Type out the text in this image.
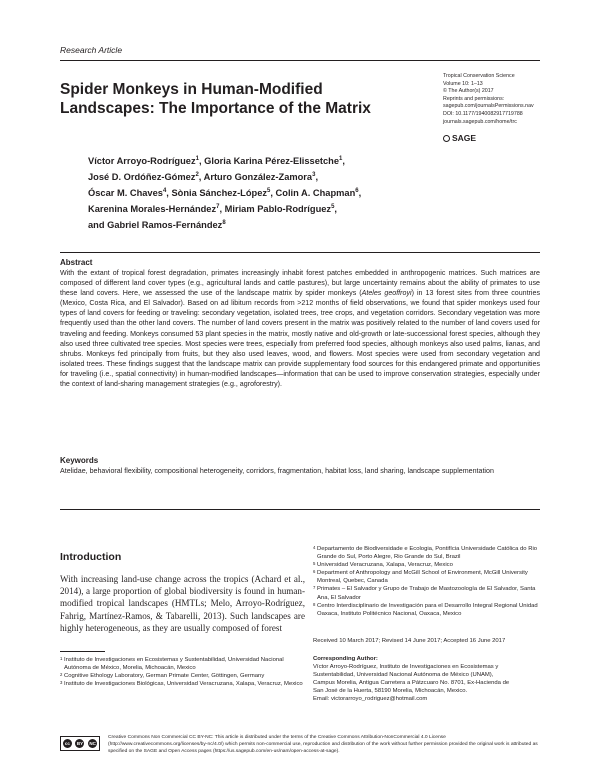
Research Article
Spider Monkeys in Human-Modified
Landscapes: The Importance of the Matrix
Tropical Conservation Science
Volume 10: 1–13
© The Author(s) 2017
Reprints and permissions:
sagepub.com/journalsPermissions.nav
DOI: 10.1177/1940082917719788
journals.sagepub.com/home/trc
SAGE
Víctor Arroyo-Rodríguez$^1$, Gloria Karina Pérez-Elissetche$^1$,
José D. Ordóñez-Gómez$^2$, Arturo González-Zamora$^3$,
Óscar M. Chaves$^4$, Sònia Sánchez-López$^5$, Colin A. Chapman$^6$,
Karenina Morales-Hernández$^7$, Miriam Pablo-Rodríguez$^5$,
and Gabriel Ramos-Fernández$^8$
Abstract
With the extant of tropical forest degradation, primates increasingly inhabit forest patches embedded in anthropogenic matrices. Such matrices are composed of different land cover types (e.g., agricultural lands and cattle pastures), but large uncertainty remains about the ability of primates to use these land covers. Here, we assessed the use of the landscape matrix by spider monkeys (Ateles geoffroyi) in 13 forest sites from three countries (Mexico, Costa Rica, and El Salvador). Based on ad libitum records from >212 months of field observations, we found that spider monkeys used four types of land covers for feeding or traveling: secondary vegetation, isolated trees, tree crops, and vegetation corridors. Secondary vegetation was more frequently used than the other land covers. The number of land covers present in the matrix was positively related to the number of land covers used for traveling and feeding. Monkeys consumed 53 plant species in the matrix, mostly native and old-growth or late-successional forest species, although they also used three cultivated tree species. Most species were trees, especially from preferred food species, although monkeys also used palms, lianas, and shrubs. Monkeys fed principally from fruits, but they also used leaves, wood, and flowers. Most species were used from secondary vegetation and isolated trees. These findings suggest that the landscape matrix can provide supplementary food sources for this endangered primate and opportunities for traveling (i.e., spatial connectivity) in human-modified landscapes—information that can be used to improve conservation strategies, especially under the context of land-sharing management strategies (e.g., agroforestry).
Keywords
Atelidae, behavioral flexibility, compositional heterogeneity, corridors, fragmentation, habitat loss, land sharing, landscape supplementation
Introduction
With increasing land-use change across the tropics (Achard et al., 2014), a large proportion of global biodiversity is found in human-modified tropical landscapes (HMTLs; Melo, Arroyo-Rodríguez, Fahrig, Martínez-Ramos, & Tabarelli, 2013). Such landscapes are highly heterogeneous, as they are usually composed of forest
1 Instituto de Investigaciones en Ecosistemas y Sustentabilidad, Universidad Nacional Autónoma de México, Morelia, Michoacán, Mexico
2 Cognitive Ethology Laboratory, German Primate Center, Göttingen, Germany
3 Instituto de Investigaciones Biológicas, Universidad Veracruzana, Xalapa, Veracruz, Mexico
4 Departamento de Biodiversidade e Ecologia, Pontifícia Universidade Católica do Rio Grande do Sul, Porto Alegre, Rio Grande do Sul, Brazil
5 Universidad Veracruzana, Xalapa, Veracruz, Mexico
6 Department of Anthropology and McGill School of Environment, McGill University Montreal, Quebec, Canada
7 Primates – El Salvador y Grupo de Trabajo de Mastozoología de El Salvador, Santa Ana, El Salvador
8 Centro Interdisciplinario de Investigación para el Desarrollo Integral Regional Unidad Oaxaca, Instituto Politécnico Nacional, Oaxaca, Mexico
Received 10 March 2017; Revised 14 June 2017; Accepted 16 June 2017
Corresponding Author:
Víctor Arroyo-Rodríguez, Instituto de Investigaciones en Ecosistemas y
Sustentabilidad, Universidad Nacional Autónoma de México (UNAM),
Campus Morelia, Antigua Carretera a Pátzcuaro No. 8701, Ex-Hacienda de
San José de la Huerta, 58190 Morelia, Michoacán, Mexico.
Email: victorarroyo_rodriguez@hotmail.com
cc	BY	NC
Creative Commons Non Commercial CC BY-NC: This article is distributed under the terms of the Creative Commons Attribution-NonCommercial 4.0 License (http://www.creativecommons.org/licenses/by-nc/4.0/) which permits non-commercial use, reproduction and distribution of the work without further permission provided the original work is attributed as specified on the SAGE and Open Access pages (https://us.sagepub.com/en-us/nam/open-access-at-sage).
